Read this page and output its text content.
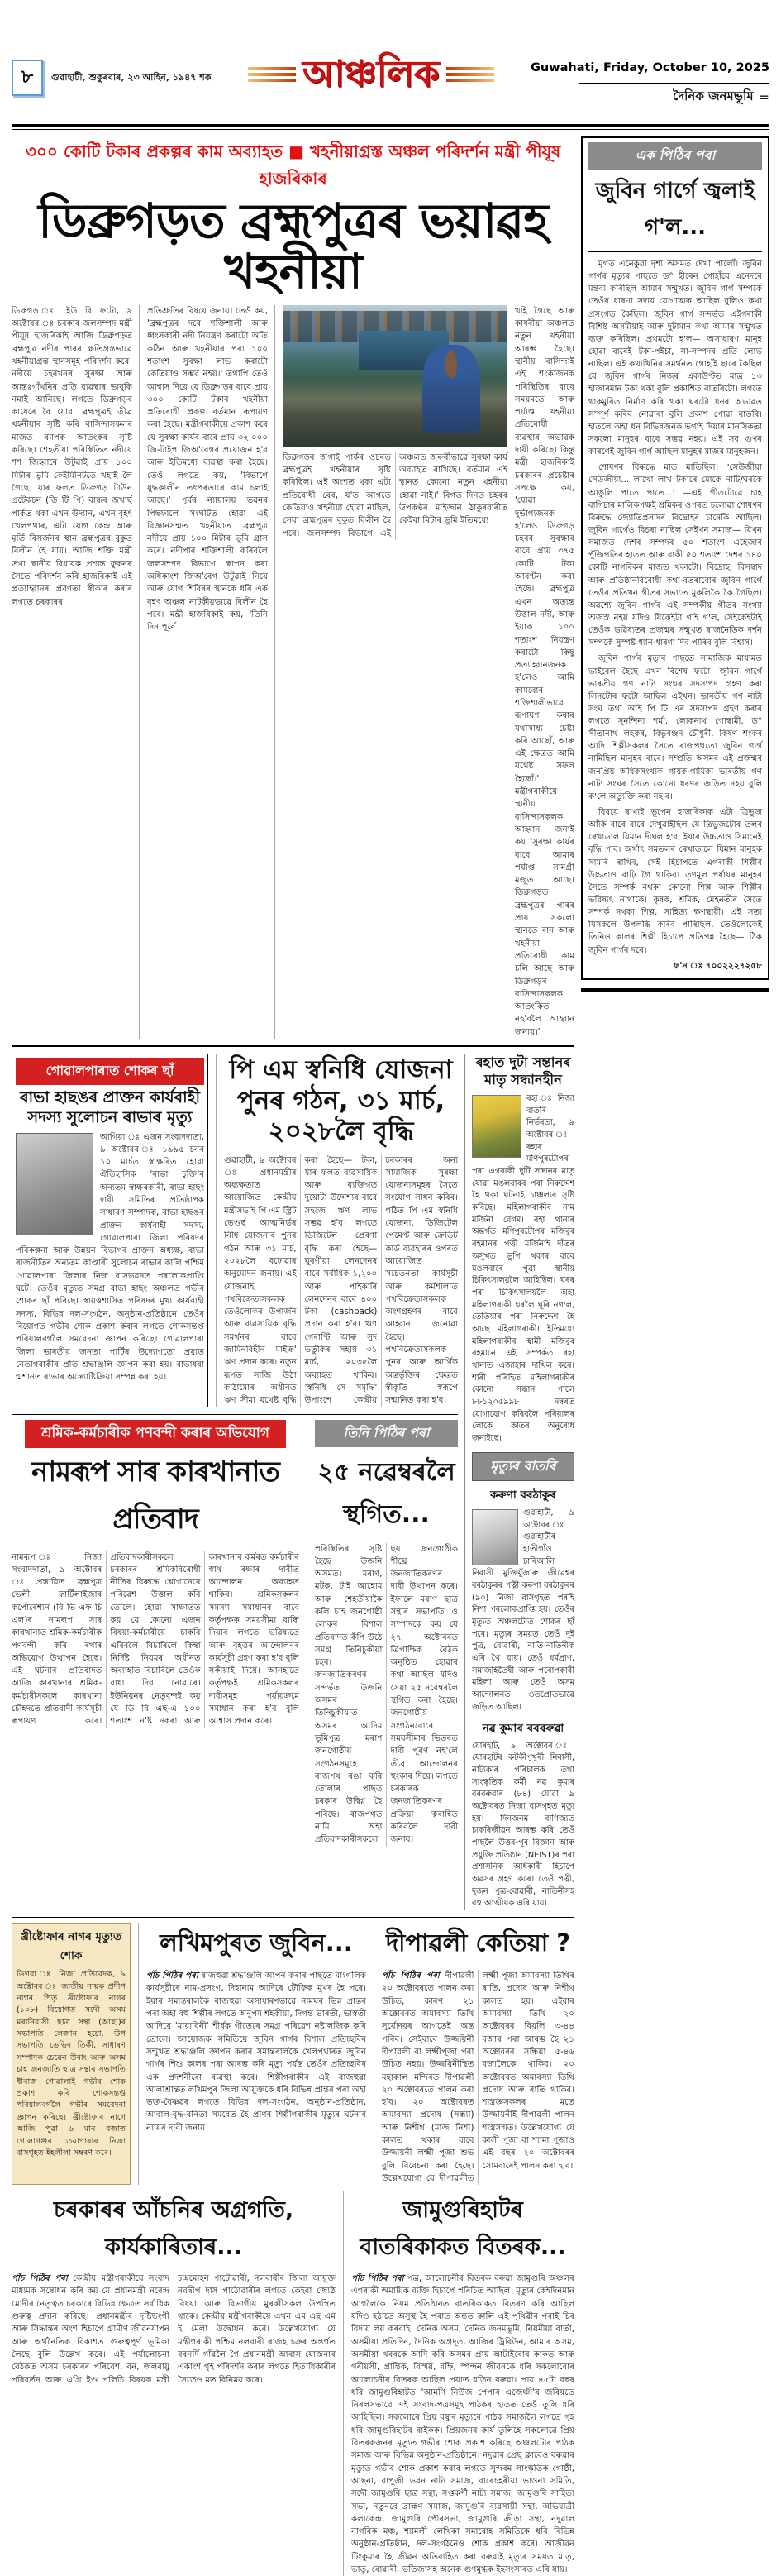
৮ গুৱাহাটী, শুকুৰবাৰ, ২৩ আহিন, ১৯৪৭ শক	আঞ্চলিক	Guwahati, Friday, October 10, 2025
দৈনিক জনমভূমি =
৩০০ কোটি টকাৰ প্ৰকল্পৰ কাম অব্যাহত ■ খহনীয়াগ্ৰস্ত অঞ্চল পৰিদৰ্শন মন্ত্ৰী পীযূষ হাজৰিকাৰ
ডিব্ৰুগড়ত ব্ৰহ্মপুত্ৰৰ ভয়াৱহ খহনীয়া
ডিব্ৰুগড় ঃ ইউ বি ফটো, ৯ অক্টোবৰ ঃ চৰকাৰ জলসম্পদ মন্ত্ৰী পীযূষ হাজৰিকাই আজি ডিব্ৰুগড়ত ব্ৰহ্মপুত্ৰ নদীৰ পাৰৰ ক্ষতিগ্ৰস্তভাৱে খহনীয়াগ্ৰস্ত স্থানসমূহ পৰিদৰ্শন কৰে। নদীয়ে চহৰখনৰ সুৰক্ষা আৰু আন্তঃগাঁথনিৰ প্ৰতি ব্যৱস্থাৰ ভাবুকি নমাই আনিছে। লগতে ডিব্ৰুগড়ৰ কাষেৰে বৈ যোৱা ব্ৰহ্মপুত্ৰই তীব্ৰ খহনীয়াৰ সৃষ্টি কৰি বাসিন্দাসকলৰ মাজত ব্যাপক আতংকৰ সৃষ্টি কৰিছে। শেহতীয়া পৰিস্থিতিত নদীয়ে শশ জিহ্বাৰে উটুৱাই প্ৰায় ১০০ মিটাৰ ভূমি কেইমিনিটতে খহাই লৈ গৈছে। যাৰ ফলত ডিব্ৰুগড় টাউন প্ৰটেকচন (ডি টি পি) বান্ধৰ জখাৰ্ছ পাৰ্কত থকা এখন উদ্যান, এখন বৃহৎ খেলপথাৰ, এটা যোগ কেন্দ্ৰ আৰু মূৰ্তি বিসৰ্জনৰ স্থান ব্ৰহ্মপুত্ৰৰ বুকুত বিলীন হৈ যায়। আজি শক্তি মন্ত্ৰী তথা স্থানীয় বিধায়ক প্ৰশান্ত ফুকনৰ সৈতে পৰিদৰ্শন কৰি হাজৰিকাই এই প্ৰত্যাহ্বানৰ প্ৰৱণতা স্বীকাৰ কৰাৰ লগতে চৰকাৰৰ
প্ৰতিশ্ৰুতিৰ বিষয়ে জনায়। তেওঁ কয়, 'ব্ৰহ্মপুত্ৰৰ দৰে শক্তিশালী আৰু ধ্বংসকাৰী নদী নিয়ন্ত্ৰণ কৰাটো অতি কঠিন আৰু খহনীয়াৰ পৰা ১০০ শতাংশ সুৰক্ষা লাভ কৰাটো কেতিয়াও সম্ভৱ নহয়।' তথাপি তেওঁ আশ্বাস দিয়ে যে ডিব্ৰুগড়ৰ বাবে প্ৰায় ৩০০ কোটি টকাৰ খহনীয়া প্ৰতিৰোধী প্ৰকল্প বৰ্তমান ৰূপায়ণ কৰা হৈছে। মন্ত্ৰীগৰাকীয়ে প্ৰকাশ কৰে যে সুৰক্ষা কাৰ্যৰ বাবে প্ৰায় ৩২,০০০ জি-টাইপ জিঅ'বেগৰ প্ৰয়োজন হ'ব আৰু ইতিমধ্যে ব্যৱস্থা কৰা হৈছে। তেওঁ লগতে কয়, 'বিভাগে যুদ্ধকালীন তৎপৰতাৰে কাম চলাই আছে।' পূৰ্বৰ ন্যায়ালয় ভৱনৰ পিছফালে সংঘটিত হোৱা এই বিজ্ঞানসন্মত খহনীয়াত ব্ৰহ্মপুত্ৰ নদীয়ে প্ৰায় ১০০ মিটাৰ ভূমি গ্ৰাস কৰে। নদীপাৰ শক্তিশালী কৰিবলৈ জলসম্পদ বিভাগে স্থাপন কৰা অধিকাংশ জিঅ'বেগ উটুৱাই নিয়ে আৰু যোগ শিবিৰৰ স্থানকে ধৰি এক বৃহৎ অঞ্চল নাটকীয়ভাৱে বিলীন হৈ পৰে। মন্ত্ৰী হাজৰিকাই কয়, 'তিনি দিন পূৰ্বে
ডিব্ৰুগড়ৰ জগাই পাৰ্কৰ ওচৰত ব্ৰহ্মপুত্ৰই খহনীয়াৰ সৃষ্টি কৰিছিল। এই অংশত থকা এটা প্ৰতিৰোধী বেৰ, য'ত আগতে কেতিয়াও খহনীয়া হোৱা নাছিল, সেয়া ব্ৰহ্মপুত্ৰৰ বুকুত বিলীন হৈ পৰে। জলসম্পদ বিভাগে এই অঞ্চলত জৰুৰীভাৱে সুৰক্ষা কাৰ্য অব্যাহত ৰাখিছে। বৰ্তমান এই স্থানত কোনো নতুন খহনীয়া হোৱা নাই।' বিগত দিনত চহৰৰ উপকণ্ঠৰ মাইজান ঠাকুৰবাৰীত কেইবা মিটাৰ ভূমি ইতিমধ্যে
খহি গৈছে আৰু কাষৰীয়া অঞ্চলত নতুন খহনীয়া আৰম্ভ হৈছে। স্থানীয় বাসিন্দাই এই শংকাজনক পৰিস্থিতিৰ বাবে সময়মতে আৰু পৰ্যাপ্ত খহনীয়া প্ৰতিৰোধী ব্যৱস্থাৰ অভাৱক দায়ী কৰিছে। কিন্তু মন্ত্ৰী হাজৰিকাই চৰকাৰৰ প্ৰচেষ্টাৰ সপক্ষে কয়, 'যোৱা দুৰ্ভাগ্যজনক হ'লেও ডিব্ৰুগড় চহৰৰ সুৰক্ষাৰ বাবে প্ৰায় ৩৭৫ কোটি টকা আবণ্টন কৰা হৈছে। ব্ৰহ্মপুত্ৰ এখন অত্যন্ত উত্তাল নদী, আৰু ইয়াক ১০০ শতাংশ নিয়ন্ত্ৰণ কৰাটো কিছু প্ৰত্যাহ্বানজনক হ'লেও আমি কামবোৰ শক্তিশালীভাৱে ৰূপায়ণ কৰাৰ যথাসাধ্য চেষ্টা কৰি আছোঁ, আৰু এই ক্ষেত্ৰত আমি যথেষ্ট সফল হৈছোঁ।' মন্ত্ৰীগৰাকীয়ে স্থানীয় বাসিন্দাসকলক আহ্বান জনাই কয় 'সুৰক্ষা কাৰ্যৰ বাবে আমাৰ পৰ্যাপ্ত সামগ্ৰী মজুত আছে। ডিব্ৰুগড়ত ব্ৰহ্মপুত্ৰৰ পাৰৰ প্ৰায় সকলো স্থানতে বান আৰু খহনীয়া প্ৰতিৰোধী কাম চলি আছে আৰু ডিব্ৰুগড়ৰ বাসিন্দাসকলক আতংকিত নহ'বলৈ আহ্বান জনায়।'
গোৱালপাৰাত শোকৰ ছাঁ
ৰাভা হাছঙৰ প্ৰাক্তন কাৰ্যবাহী সদস্য সুলোচন ৰাভাৰ মৃত্যু
আগিয়া ঃ এজন সংবাদদাতা, ৯ অক্টোবৰ ঃ ১৯৯৫ চনৰ ১০ মাৰ্চত স্বাক্ষৰিত হোৱা ঐতিহাসিক 'ৰাভা চুক্তি'ৰ অন্যতম স্বাক্ষৰকাৰী, ৰাভা হাছং দাবী সমিতিৰ প্ৰতিষ্ঠাপক সাধাৰণ সম্পাদক, ৰাভা হাছঙৰ প্ৰাক্তন কাৰ্যবাহী সদস্য, গোৱালপাৰা জিলা পৰিষদৰ পৰিকল্পনা আৰু উন্নয়ন বিভাগৰ প্ৰাক্তন অধ্যক্ষ, ৰাভা ৰাজনীতিৰ অন্যতম কাণ্ডাৰী সুলোচন ৰাভাৰ কালি পশ্চিম গোৱালপাৰা জিলাৰ নিজ বাসভৱনত পৰলোকপ্ৰাপ্তি ঘটে। তেওঁৰ মৃত্যুত সমগ্ৰ ৰাভা হাছং অঞ্চলত গভীৰ শোকৰ ছাঁ পৰিছে। স্বায়ত্তশাসিত পৰিষদৰ মুখ্য কাৰ্যবাহী সদস্য, বিভিন্ন দল-সংগঠন, অনুষ্ঠান-প্ৰতিষ্ঠানে তেওঁৰ বিয়োগত গভীৰ শোক প্ৰকাশ কৰাৰ লগতে শোকসন্তপ্ত পৰিয়ালবৰ্গলৈ সমবেদনা জ্ঞাপন কৰিছে। গোৱালপাৰা জিলা ভাৰতীয় জনতা পাৰ্টিৰ উদ্যোগতো প্ৰয়াত নেতাগৰাকীৰ প্ৰতি শ্ৰদ্ধাঞ্জলি জ্ঞাপন কৰা হয়। ৰাভাধৰা শ্মশানত ৰাভাৰ অন্ত্যোষ্টিক্ৰিয়া সম্পন্ন কৰা হয়।
পি এম স্বনিধি যোজনা পুনৰ গঠন, ৩১ মাৰ্চ, ২০২৮লৈ বৃদ্ধি
গুৱাহাটী, ৯ অক্টোবৰ ঃ প্ৰধানমন্ত্ৰীৰ অধ্যক্ষতাত আয়োজিত কেন্দ্ৰীয় মন্ত্ৰীসভাই পি এম স্ট্ৰিট ভেণ্ডৰ্ছ আত্মনিৰ্ভৰ নিধি যোজনাৰ পুনৰ গঠন আৰু ৩১ মাৰ্চ, ২০২৮লৈ বঢ়োৱাৰ অনুমোদন জনায়। এই যোজনাই পথবিক্ৰেতাসকলক তেওঁলোকৰ উপাৰ্জন আৰু ব্যৱসায়িক বৃদ্ধি সমৰ্থনৰ বাবে জামিনবিহীন মাইক্ৰ' ঋণ প্ৰদান কৰে। নতুন ৰূপত সাজি উঠা কাঠামোৰ অধীনত ঋণ সীমা যথেষ্ট বৃদ্ধি কৰা হৈছে— টকা, যাৰ ফলত ব্যৱসায়িক আৰু ব্যক্তিগত দুয়োটা উদ্দেশ্যৰ বাবে সহজে ঋণ লাভ সম্ভৱ হ'ব। লগতে ডিজিটেল প্ৰেৰণা বৃদ্ধি কৰা হৈছে— ঘূৰণীয়া লেনদেনৰ বাবে সৰ্বাধিক ১,২০০ আৰু পাইকাৰি লেনদেনৰ বাবে ৪০০ টকা (cashback) প্ৰদান কৰা হ'ব। ঋণ গেৰাণ্টি আৰু সুদ ভৰ্তুকিৰ সহায় ৩১ মাৰ্চ, ২০৩৫লৈ অব্যাহত থাকিব। 'স্বনিধি সে সমৃদ্ধি' উপাংশে কেন্দ্ৰীয় চৰকাৰৰ অন্য সামাজিক সুৰক্ষা যোজনাসমূহৰ সৈতে সংযোগ সাধন কৰিব। গঠিত পি এম স্বনিধি যোজনা, ডিজিটেল পেমেণ্ট আৰু ক্ৰেডিট কাৰ্ড ব্যৱহাৰৰ ওপৰত আয়োজিত সচেতনতা কাৰ্যসূচী আৰু কৰ্মশালাত পথবিক্ৰেতাসকলক অংশগ্ৰহণৰ বাবে আহ্বান জনোৱা হৈছে। পথবিক্ৰেতাসকলক পুনৰ আৰু আৰ্থিক অন্তৰ্ভুক্তিৰ ক্ষেত্ৰত স্বীকৃতি স্বৰূপে সন্মানিত কৰা হ'ব।
শ্ৰমিক-কৰ্মচাৰীক পণবন্দী কৰাৰ অভিযোগ
নামৰূপ সাৰ কাৰখানাত প্ৰতিবাদ
নামৰূপ ঃ নিজা সংবাদদাতা, ৯ অক্টোবৰ ঃ প্ৰস্তাৱিত ব্ৰহ্মপুত্ৰ ভেলী ফাৰ্টিলাইজাৰ কৰ্পোৰেশ্যন (বি ভি এফ চি এল)ৰ নামৰূপ সাৰ কাৰখানাত শ্ৰমিক-কৰ্মচাৰীক পণবন্দী কৰি ৰখাৰ অভিযোগ উত্থাপন হৈছে। এই ঘটনাৰ প্ৰতিবাদত আজি কাৰখানাৰ শ্ৰমিক-কৰ্মচাৰীসকলে কাৰখানা চৌহদতে প্ৰতিবাদী কাৰ্যসূচী ৰূপায়ণ কৰে। প্ৰতিবাদকাৰীসকলে চৰকাৰৰ শ্ৰমিকবিৰোধী নীতিৰ বিৰুদ্ধে শ্লোগানেৰে পৰিৱেশ উত্তাল কৰি তোলে। হোৱা সাক্ষাতত কয় যে কোনো এজন বিষয়া-কৰ্মচাৰীয়ে চাকৰি এৰিবলৈ বিচাৰিলে কিম্বা নিৰ্দিষ্ট নিয়মৰ অধীনত অব্যাহতি বিচাৰিলে তেওঁক বাধা দিব নোৱাৰে। ইউনিয়নৰ নেতৃবৃন্দই কয় যে ডি বি এছ-এ ১০০ শতাংশ ন'ষ্ট নকৰা আৰু কাৰখানাৰ কৰ্মৰত কৰ্মচাৰীৰ স্বাৰ্থ ৰক্ষাৰ দাবীত আন্দোলন অব্যাহত থাকিব। শ্ৰমিকসকলৰ সমস্যা সমাধানৰ বাবে কৰ্তৃপক্ষক সময়সীমা বান্ধি দিয়াৰ লগতে ভৱিষ্যতে আৰু বৃহত্তৰ আন্দোলনৰ কাৰ্যসূচী গ্ৰহণ কৰা হ'ব বুলি সকীয়াই দিয়ে। আনহাতে কৰ্তৃপক্ষই শ্ৰমিকসকলৰ দাবীসমূহ পৰ্যায়ক্ৰমে সমাধান কৰা হ'ব বুলি আশ্বাস প্ৰদান কৰে।
তিনি পিঠিৰ পৰা
২৫ নৱেম্বৰলৈ স্থগিত...
পৰিস্থিতিৰ সৃষ্টি হৈছে উজনি অসমত। মৰাণ, মটক, টাই আহোম আৰু শেহতীয়াকৈ কলি চাহ জনগোষ্ঠী লোকৰ বিশাল প্ৰতিবাদত কঁপি উঠে সমগ্ৰ তিনিচুকীয়া চহৰ। জনজাতিকৰণৰ সন্দৰ্ভত উজনি অসমৰ তিনিচুকীয়াত অসমৰ আদিম ভূমিপুত্ৰ মৰাণ জনগোষ্ঠীয় সংগঠনসমূহে ৰাজপথ ৰঙা কৰি তোলাৰ পাছত চৰকাৰ উদ্বিগ্ন হৈ পৰিছে। ৰাজপথত নামি অহা প্ৰতিবাদকাৰীসকলে ছয় জনগোষ্ঠীক শীঘ্ৰে জনজাতিকৰণৰ দাবী উত্থাপন কৰে। ইফালে মৰাণ ছাত্ৰ সন্থাৰ সভাপতি ও সম্পাদকে কয় যে ২৭ অক্টোবৰত ত্ৰিপাক্ষিক বৈঠক অনুষ্ঠিত হোৱাৰ কথা আছিল যদিও সেয়া ২৫ নৱেম্বৰলৈ স্থগিত কৰা হৈছে। জনগোষ্ঠীয় সংগঠনবোৰে সময়সীমাৰ ভিতৰত দাবী পূৰণ নহ'লে তীব্ৰ আন্দোলনৰ হুংকাৰ দিয়ে। লগতে চৰকাৰক জনজাতিকৰণৰ প্ৰক্ৰিয়া ত্বৰান্বিত কৰিবলৈ দাবী জনায়।
ৰহাত দুটা সন্তানৰ মাতৃ সন্ধানহীন
ৰহা ঃ নিজা বাতৰি নিৰ্ভৰতা, ৯ অক্টোবৰ ঃ ৰহাৰ মণিপুৰটোপৰ পৰা এগৰাকী দুটি সন্তানৰ মাতৃ যোৱা মঙলবাৰৰ পৰা নিৰুদ্দেশ হৈ থকা ঘটনাই চাঞ্চল্যৰ সৃষ্টি কৰিছে। মহিলাগৰাকীৰ নাম মৰ্জিনা বেগম। ৰহা থানাৰ অন্তৰ্গত মণিপুৰটোপৰ মজিবুৰ ৰহমানৰ পত্নী মৰ্জিনাই দাঁতৰ অসুখত ভুগি থকাৰ বাবে মঙলবাৰে পুৱা স্থানীয় চিকিৎসালয়লৈ আহিছিল। ঘৰৰ পৰা চিকিৎসালয়লৈ অহা মহিলাগৰাকী ঘৰলৈ ঘূৰি নগ'ল, তেতিয়াৰ পৰা নিৰুদ্দেশ হৈ আছে মহিলাগৰাকী। ইতিমধ্যে মহিলাগৰাকীৰ স্বামী মজিবুৰ ৰহমানে এই সম্পৰ্কত ৰহা থানাত এজাহাৰ দাখিল কৰে। শাৰী পৰিহিত মহিলাগৰাকীৰ কোনো সন্ধান পালে ৮৮১২০৫৯৯৮ নম্বৰত যোগাযোগ কৰিবলৈ পৰিয়ালৰ লোকে কাতৰ অনুৰোধ জনাইছে।
মৃত্যুৰ বাতৰি
কৰুণা বৰঠাকুৰ
গুৱাহাটী, ৯ অক্টোবৰ ঃ গুৱাহাটীৰ হাতীগাঁও চাৰিআলি নিবাসী মুক্তিযুঁজাৰু জীৱেশ্বৰ বৰঠাকুৰৰ পত্নী কৰুণা বৰঠাকুৰৰ (৯০) নিজা বাসগৃহত পৰহি নিশা পৰলোকপ্ৰাপ্তি হয়। তেওঁৰ মৃত্যুত অঞ্চলটোত শোকৰ ছাঁ পৰে। মৃত্যুৰ সময়ত তেওঁ দুই পুত্ৰ, বোৱাৰী, নাতি-নাতিনীক এৰি থৈ যায়। তেওঁ ধৰ্মপ্ৰাণ, সমাজহিতৈষী আৰু পৰোপকাৰী মহিলা আৰু তেওঁ অসম আন্দোলনত ওতপ্ৰোতভাৱে জড়িত আছিল।
নৱ কুমাৰ বৰবৰুৱা
যোৰহাট, ৯ অক্টোবৰ ঃ যোৰহাটৰ কটকীপুখুৰী নিবাসী, নাট্যকাৰ পৰিচালক তথা সাংস্কৃতিক কৰ্মী নৱ কুমাৰ বৰবৰুৱাৰ (৮৪) যোৱা ৯ অক্টোবৰত নিজা বাসগৃহত মৃত্যু হয়। দিনজনম বাণিজ্যত চাকৰিজীৱন আৰম্ভ কৰি তেওঁ পাছলৈ উত্তৰ-পূব বিজ্ঞান আৰু প্ৰযুক্তি প্ৰতিষ্ঠান (NEIST)ৰ পৰা প্ৰশাসনিক অধিকাৰী হিচাপে অৱসৰ গ্ৰহণ কৰে। তেওঁ পত্নী, দুজন পুত্ৰ-বোৱাৰী, নাতিনীসহ বহু আত্মীয়ক এৰি যায়।
খ্ৰীষ্টোফাৰ নাগৰ মৃত্যুত শোক
ডিগবা ঃ নিজা প্ৰতিবেদক, ৯ অক্টোবৰ ঃ জাতীয় নায়ক প্ৰদীপ নাগৰ পিতৃ খ্ৰীষ্টোফাৰ নাগৰ (১০৮) বিয়োগত সদৌ অসম মৰানিবাসী ছাত্ৰ সন্থা (আছা)ৰ সভাপতি লেজান হচো, উপ সভাপতি ডেভিদ তিৰ্কী, সাধাৰণ সম্পাদক চেৱেন উৰাং আৰু অসম চাহ জনজাতি ছাত্ৰ সন্থাৰ সভাপতি ধীৰাজ গোৱালাই গভীৰ শোক প্ৰকাশ কৰি শোকসন্তপ্ত পৰিয়ালবৰ্গলৈ গভীৰ সমবেদনা জ্ঞাপন কৰিছে। খ্ৰীষ্টোফাৰ নাগে আজি পুৱা ৬ মান বজাত গোলাগঞ্জৰ তেয়াপাৰাৰ নিজা বাসগৃহত ইহলীলা সম্বৰণ কৰে।
লখিমপুৰত জুবিন...
পাঁচ পিঠিৰ পৰা ৰাজহুৱা শ্ৰদ্ধাঞ্জলি আপন কৰাৰ পাছতে মাংগলিক কাৰ্যসূচীৰে নাম-প্ৰসংগ, দিহানাম আদিৰে টৌফিক মুখৰ হৈ পৰে। ইয়াৰ সমান্তৰালকৈ ৰাজহুৱা অসাধাৰণভাৱে নামঘৰ ভিন্ন প্ৰান্তৰ পৰা অহা বহু শিল্পীৰ লগতে অনুপম শইকীয়া, দিগন্ত ভাৰতী, ভাস্বতী আদিয়ে 'মায়াবিনী' শীৰ্ষক গীতেৰে সমগ্ৰ পৰিৱেশ নষ্টালজিক কৰি তোলে। আয়োজক সমিতিয়ে জুবিন গাৰ্গৰ বিশাল প্ৰতিচ্ছবিৰ সন্মুখত শ্ৰদ্ধাঞ্জলি জ্ঞাপন কৰাৰ সমান্তৰালকৈ খেলপথাৰত জুবিন গাৰ্গৰ শিশু কালৰ পৰা আৰম্ভ কৰি মৃত্যু পৰ্যন্ত তেওঁৰ প্ৰতিচ্ছবিৰ এক প্ৰদৰ্শনীৰো ব্যৱস্থা কৰে। শিল্পীগৰাকীৰ এই ৰাজহুৱা আলাশ্ৰান্তত লখিমপুৰ জিলা আয়ুক্তকে ধৰি বিভিন্ন প্ৰান্তৰ পৰা অহা ভক্ত-বৈষ্ণৱৰ লগতে বিভিন্ন দল-সংগঠন, অনুষ্ঠান-প্ৰতিষ্ঠান, আবাল-বৃদ্ধ-বনিতা সমবেত হৈ প্ৰাণৰ শিল্পীগৰাকীৰ মৃত্যুৰ ঘটনাৰ ন্যায়ৰ দাবী জনায়।
দীপাৱলী কেতিয়া ?
পাঁচ পিঠিৰ পৰা দীপাৱলী ২০ অক্টোবৰতে পালন কৰা উচিত, কাৰণ ২১ অক্টোবৰত অমাবস্যা তিথি সূৰ্যোদয়ৰ আগতেই অন্ত পৰিব। সেইবাবে উজ্জয়িনী দীপাৱলী বা লক্ষ্মীপূজা পৰা উচিত নহয়। উজ্জয়িনীস্থিত মহাকাল মন্দিৰত দীপাৱলী ২০ অক্টোবৰতে পালন কৰা হ'ব। ২০ অক্টোবৰত অমাবস্যা প্ৰদোষ (সন্ধ্যা) আৰু নিশীথ (মাজ নিশা) কালত থকাৰ বাবে উজ্জয়িনী লক্ষ্মী পূজা শুভ বুলি বিবেচনা কৰা হৈছে। উল্লেখযোগ্য যে দীপাৱলীত লক্ষ্মী পূজা অমাবস্যা তিথিৰ ৰাতি, প্ৰদোষ আৰু নিশীথ কালত হয়। এইবাৰ অমাবস্যা তিথি ২০ অক্টোবৰৰ বিয়লি ৩-৪৪ বজাৰ পৰা আৰম্ভ হৈ ২১ অক্টোবৰৰ সন্ধিয়া ৫-৪৬ বজালৈকে থাকিব। ২০ অক্টোবৰত অমাবস্যা তিথি প্ৰদোষ আৰু ৰাতি থাকিব। শাস্ত্ৰজ্ঞসকলৰ মতে উজ্জয়িনীই দীপাৱলী পালন শাস্ত্ৰসন্মত। উল্লেখযোগ্য যে কালী পূজা বা শ্যামা পূজাও এই বছৰ ২০ অক্টোবৰৰ সোমবাৰেই পালন কৰা হ'ব।
চৰকাৰৰ আঁচনিৰ অগ্ৰগতি, কাৰ্যকাৰিতাৰ...
পাঁচ পিঠিৰ পৰা কেন্দ্ৰীয় মন্ত্ৰীগৰাকীয়ে সংবাদ মাধ্যমক সম্বোধন কৰি কয় যে প্ৰধানমন্ত্ৰী নৰেন্দ্ৰ মোদীৰ নেতৃত্বত চৰকাৰে বিভিন্ন ক্ষেত্ৰত সৰ্বাধিক গুৰুত্ব প্ৰদান কৰিছে। প্ৰধানমন্ত্ৰীৰ দৃষ্টিভংগী আৰু সিদ্ধান্তৰ অংশ হিচাপে গ্ৰামীণ জীৱনযাপন আৰু অৰ্থনৈতিক বিকাশত গুৰুত্বপূৰ্ণ ভূমিকা লৈছে বুলি উল্লেখ কৰে। এই পৰ্যালোচনা বৈঠকত অসম চৰকাৰৰ পৰিৱেশ, বন, জলবায়ু পৰিবৰ্তন আৰু এগ্ৰি ইণ্ড পলিচি বিষয়ক মন্ত্ৰী চন্দ্ৰমোহন পাটোৱাৰী, নলবাৰীৰ জিলা আয়ুক্ত নবদ্বীপ দাস পাঠোৱাৰীৰ লগতে কেইবা জ্যেষ্ঠ বিষয়া আৰু বিভাগীয় মুৰব্বীসকল উপস্থিত থাকে। কেন্দ্ৰীয় মন্ত্ৰীগৰাকীয়ে এখন এম এছ এম ই মেলা উদ্বোধন কৰে। উল্লেখযোগ্য যে মন্ত্ৰীগৰাকী পশ্চিম নলবাৰী ৰাজহ চক্ৰৰ অন্তৰ্গত বৰনৰ্দি গাঁৱলৈ গৈ প্ৰধানমন্ত্ৰী আবাস যোজনাৰ একাংশ গৃহ পৰিদৰ্শন কৰাৰ লগতে হিতাধিকাৰীৰ সৈতেও মত বিনিময় কৰে।
জামুগুৰিহাটৰ বাতৰিকাকত বিতৰক...
পাঁচ পিঠিৰ পৰা পত্ৰ, আলোচনীৰ বিতৰক বৰুৱা জামুগুৰি অঞ্চলৰ এগৰাকী অমায়িক ব্যক্তি হিচাপে পৰিচিত আছিল। মৃত্যুৰ কেইদিনমান আগলৈকে নিয়ম প্ৰতিষ্ঠানত বাতৰিকাকত বিতৰণ কৰি আছিল যদিও হঠাতে অসুস্থ হৈ পৰাত অন্তত কালি এই পৃথিৱীৰ পৰাই চিৰ বিদায় লয় কৰবাই। দৈনিক অসম, দৈনিক জনমভূমি, নিয়মীয়া বাৰ্তা, অসমীয়া প্ৰতিদিন, দৈনিক অগ্ৰদূত, আজিৰ ট্ৰিবিউন, আমাৰ অসম, অসমীয়া খবৰকে আদি কৰি অসমৰ প্ৰায় আটাইবোৰ কাকত আৰু গৰীয়সী, প্ৰান্তিক, বিস্ময়, বহ্নি, স্পন্দন জীৱনকে ধৰি সকলোবোৰ আলোচনীৰ বিতৰক আছিল প্ৰয়াত যতিন বৰুৱা। প্ৰায় ৪৫টা বছৰ ধৰি জামুগুৰিহাটত 'আমণি নিউজ পেপাৰ এজেঞ্চী'ৰ জৰিয়তে নিৰলসভাৱে এই সংবাদ-পত্ৰসমূহ পাঠকৰ হাতত তেওঁ তুলি ধৰি আহিছিল। সকলোৰে প্ৰিয় বন্ধুৰ মৃত্যুৰে পাঠক সমাজলৈ লগতে গৃহ ধৰি জামুগুৰিহাটৰ বাইকক। প্ৰিয়জনৰ কাৰ্য তুলিহে সকলোৱে প্ৰিয় বিতৰকজনৰ মৃত্যুত গভীৰ শোক প্ৰকাশ কৰিছে অঞ্চলটোৰ পাঠক সমাজ আৰু বিভিন্ন অনুষ্ঠান-প্ৰতিষ্ঠানে। নদুৱাৰ প্ৰেছ ক্লাবেও বৰুৱাৰ মৃত্যুত গভীৰ শোক প্ৰকাশ কৰাৰ লগতে সুন্দৰম সাংস্কৃতিক গোষ্ঠী, আছনা, বাপুজী ভৱন নাট্য সমাজ, বাৰেচহৰীয়া ভাওনা সমিতি, সদৌ জামুগুৰি ছাত্ৰ সন্থা, সপ্তকৰ্ণী নাট্য সমাজ, জামুগুৰি সাহিত্য সভা, নতুনবে ব্ৰাহ্মণ সমাজ, জামুগুৰি ব্যৱসায়ী সন্থা, অভিযাত্ৰী কলাকেন্দ্ৰ, জামুগুৰি পৌৰসভা, জামুগুৰি ক্ৰীড়া সন্থা, নদুৱাল নাগৰিক মঞ্চ, শ্যামলী লেখিকা সমাৰোহ সমিতিকে ধৰি বিভিন্ন অনুষ্ঠান-প্ৰতিষ্ঠান, দল-সংগঠনেও শোক প্ৰকাশ কৰে। আজীৱন টিংকুমাৰ হৈ জীৱন অতিবাহিত কৰা বৰুৱাই মৃত্যুৰ সময়ত মাতৃ, ভাতৃ, বোৱাৰী, ভতিজাসহ অনেক গুণমুগ্ধক ইহসংসাৰত এৰি যায়।
এক পিঠিৰ পৰা
জুবিন গাৰ্গে জ্বলাই গ'ল...

মৃগত এনেকুৱা দৃশ্য অসমত দেখা পালোঁ। জুবিন গাৰ্গৰ মৃত্যুৰ পাছতে ড° হীৰেন গোহাঁয়ে এনেদৰে মন্তব্য কৰিছিল আমাৰ সন্মুখত। জুবিন গাৰ্গ সম্পৰ্কে তেওঁৰ ধাৰণা সদায় যোগাত্মক আছিল বুলিও কথা প্ৰসংগত কৈছিল। জুবিন গাৰ্গ সন্দৰ্ভত এইগৰাকী বিশিষ্ট অসমীয়াই আৰু দুটামান কথা আমাৰ সন্মুখত ব্যক্ত কৰিছিল। প্ৰথমটো হ'ল— অসাধাৰণ মানুহ হোৱা বাবেই টকা-পইচা, সা-সম্পদৰ প্ৰতি লোভ নাছিল। এই কথাখিনিৰ সমৰ্থনত গোহাঁই ছাৰে কৈছিল যে জুবিন গাৰ্গৰ নিজৰ একাউণ্টত মাত্ৰ ১৩ হাজাৰমান টকা থকা বুলি প্ৰকাশিত বাতৰিটো। লগতে থাকমুৰিত নিৰ্মাণ কৰি থকা ঘৰটো ধনৰ অভাৱত সম্পূৰ্ণ কৰিব নোৱাৰা বুলি প্ৰকাশ পোৱা বাতৰি। হাতলৈ অহা ধন বিভিন্নজনক ভগাই দিয়াৰ মানসিকতা সকলো মানুহৰ বাবে সম্ভৱ নহয়। এই সব গুণৰ কাৰণেই জুবিন গাৰ্গ আছিল মানুহৰ মাজৰ মানুহজন।

শোষণৰ বিৰুদ্ধে মাত মাতিছিল। 'সেউজীয়া সেউজীয়া... লাখো লাখ টকাৰে মোকে নাটি/ঘৰকৈ আঙুলি পাতে পাতে...' —এই গীতটোৱে চাহ বাগিচাৰ মালিকপক্ষই শ্ৰমিকৰ ওপৰত চলোৱা শোষণৰ বিৰুদ্ধে জ্যোতিপ্ৰসাদৰ বিদ্ৰোহৰ চানেকি আছিল। জুবিন গাৰ্গেও বিচৰা নাছিল সেইখন সমাজ— যিখন সমাজত দেশৰ সম্পদৰ ৫০ শতাংশ এহেজাৰ পুঁজিপতিৰ হাতত আৰু বাকী ৫০ শতাংশ দেশৰ ১৪০ কোটি নাগৰিকৰ মাজত থকাটো। বিদ্ৰোহ, বিসম্বাদ আৰু প্ৰতিষ্ঠানবিৰোধী কথা-বতৰাবোৰ জুবিন গাৰ্গে তেওঁৰ প্ৰতিখন গীতৰ সভাতে মুকলিকৈ কৈ গৈছিল। অৱশ্যে জুবিন গাৰ্গৰ এই সম্পৰ্কীয় গীতৰ সংখ্যা অজস্ৰ নহয় যদিও যিকেইটা গাই গ'ল, সেইকেইটাই তেওঁক ভৱিষ্যতৰ প্ৰজন্মৰ সন্মুখত ৰাজনৈতিক দৰ্শন সম্পৰ্কে সুস্পষ্ট ধ্যান-ধাৰণা দিব পাৰিব বুলি বিশ্বাস।

জুবিন গাৰ্গৰ মৃত্যুৰ পাছতে সামাজিক মাধ্যমত ভাইৰেল হৈছে এখন বিশেষ ফটো। জুবিন গাৰ্গে ভাৰতীয় গণ নাট্য সংঘৰ সদস্যপদ গ্ৰহণ কৰা লিনটোৰ ফটো আছিল এইখন। ভাৰতীয় গণ নাট্য সংঘ তথা আই পি টি এৰ সদস্যপদ গ্ৰহণ কৰাৰ লগতে সুনন্দিনা শৰ্মা, লোকনাথ গোস্বামী, ড° সীতানাথ লহকৰ, বিভুৰঞ্জন চৌধুৰী, কিষণ শংকৰ আদি শিল্পীসকলৰ সৈতে ৰাজপথতো জুবিন গাৰ্গ নামিছিল মানুহৰ বাবে। সম্প্ৰতি অসমৰ এই প্ৰজন্মৰ জনপ্ৰিয় অধিকসংখ্যক গায়ক-গায়িকা ভাৰতীয় গণ নাট্য সংঘৰ সৈতে কোনো ধৰণৰ জড়িত নহয় বুলি ক'লে অত্যুক্তি কৰা নহ'ব।

বিষয়ে ৰাখাই ভূপেন হাজৰিকাক এটা ত্ৰিভুজ আঁকি বাৰে বাৰে দেখুৱাইছিল যে ত্ৰিভুজটোৰ তলৰ ৰেখাডাল যিমান দীঘল হ'ব, ইয়াৰ উচ্চতাও সিমানেই বৃদ্ধি পাব। অৰ্থাৎ সমতলৰ ৰেখাডালে যিমান মানুহক সামৰি ৰাখিব, সেই হিচাপতে এগৰাকী শিল্পীৰ উচ্চতাও বাঢ়ি গৈ থাকিব। তৃণমূল পৰ্যায়ৰ মানুহৰ সৈতে সম্পৰ্ক নথকা কোনো শিল্প আৰু শিল্পীৰ ভৱিষ্যৎ নাথাকে। কৃষক, শ্ৰমিক, মেহনতীৰ সৈতে সম্পৰ্ক নথকা শিল্প, সাহিত্য ক্ষণস্থায়ী। এই সত্য যিসকলে উপলব্ধি কৰিব পাৰিছিল, তেওঁলোকেই তিনিও কালৰ শিল্পী হিচাপে প্ৰতিপন্ন হৈছে— ঠিক জুবিন গাৰ্গৰ দৰে।

ফ'ন ঃ ৭০০২২২৭২৫৮
